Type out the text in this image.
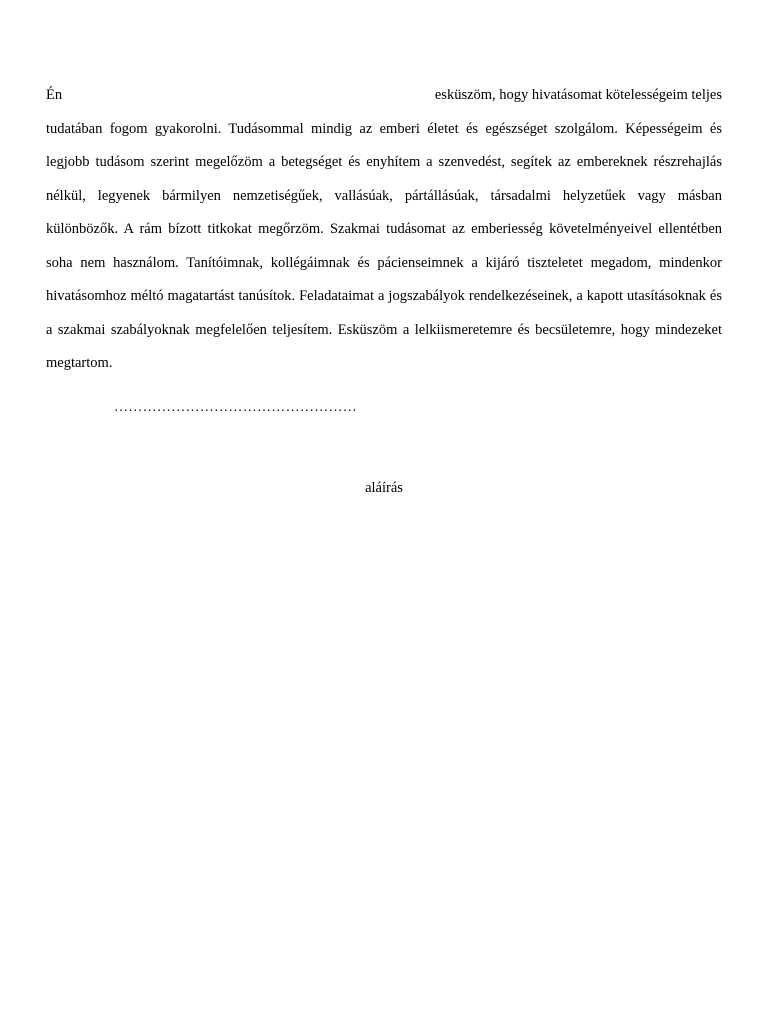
Én	esküszöm, hogy hivatásomat kötelességeim teljes
tudatában fogom gyakorolni. Tudásommal mindig az emberi életet és egészséget szolgálom. Képességeim és legjobb tudásom szerint megelőzöm a betegséget és enyhítem a szenvedést, segítek az embereknek részrehajlás nélkül, legyenek bármilyen nemzetiségűek, vallásúak, pártállásúak, társadalmi helyzetűek vagy másban különbözők. A rám bízott titkokat megőrzöm. Szakmai tudásomat az emberiesség követelményeivel ellentétben soha nem használom. Tanítóimnak, kollégáimnak és pácienseimnek a kijáró tiszteletet megadom, mindenkor hivatásomhoz méltó magatartást tanúsítok. Feladataimat a jogszabályok rendelkezéseinek, a kapott utasításoknak és a szakmai szabályoknak megfelelően teljesítem. Esküszöm a lelkiismeretemre és becsületemre, hogy mindezeket megtartom.
……………………………………………
aláírás
